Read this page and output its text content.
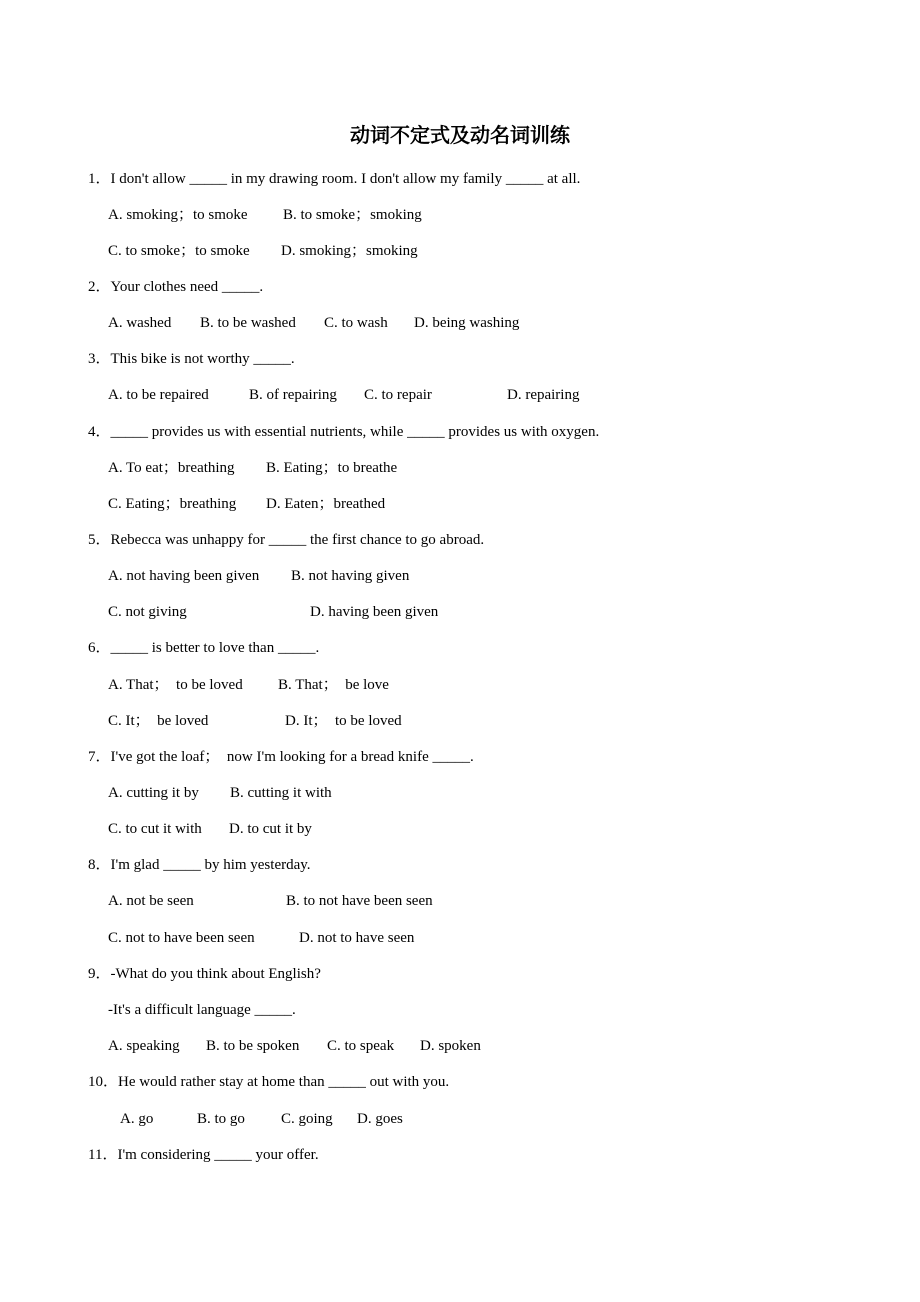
动词不定式及动名词训练
1．I don't allow _____ in my drawing room. I don't allow my family _____ at all.

A. smoking；to smoke

B. to smoke；smoking

C. to smoke；to smoke

D. smoking；smoking

2．Your clothes need _____.

A. washed

B. to be washed

C. to wash

D. being washing

3．This bike is not worthy _____.

A. to be repaired

	B. of repairing

C. to repair

	D. repairing

4．_____ provides us with essential nutrients, while _____ provides us with oxygen.

A. To eat；breathing

B. Eating；to breathe

C. Eating；breathing

D. Eaten；breathed

5．Rebecca was unhappy for _____ the first chance to go abroad.

A. not having been given

B. not having given

C. not giving

	D. having been given

6．_____ is better to love than _____.

A. That；  to be loved

B. That；  be love

C. It；  be loved

	D. It；  to be loved

7．I've got the loaf；  now I'm looking for a bread knife _____.

A. cutting it by

B. cutting it with

C. to cut it with

D. to cut it by

8．I'm glad _____ by him yesterday.

A. not be seen

	B. to not have been seen

C. not to have been seen

	D. not to have seen

9．-What do you think about English?
-It's a difficult language _____.

A. speaking

B. to be spoken

C. to speak

D. spoken

10．He would rather stay at home than _____ out with you.

A. go

	B. to go

C. going

D. goes

11．I'm considering _____ your offer.
